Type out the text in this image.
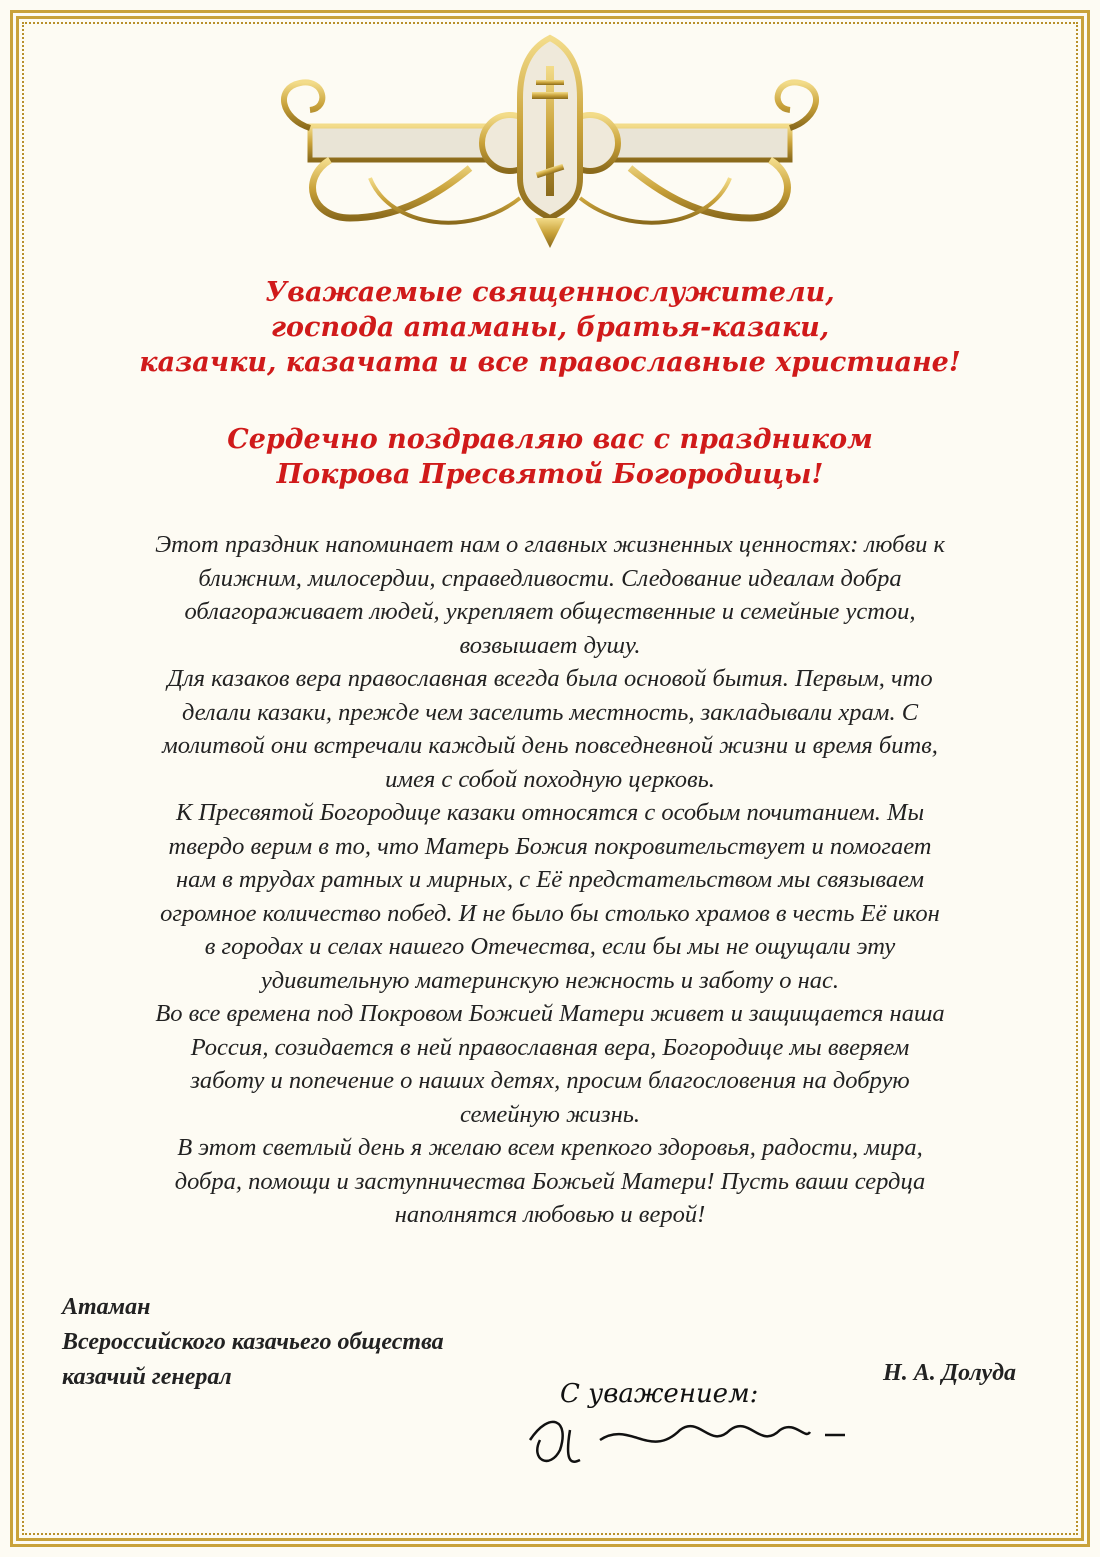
Уважаемые священнослужители,
господа атаманы, братья-казаки,
казачки, казачата и все православные христиане!
Сердечно поздравляю вас с праздником
Покрова Пресвятой Богородицы!
Этот праздник напоминает нам о главных жизненных ценностях: любви к
ближним, милосердии, справедливости. Следование идеалам добра
облагораживает людей, укрепляет общественные и семейные устои,
возвышает душу.
Для казаков вера православная всегда была основой бытия. Первым, что
делали казаки, прежде чем заселить местность, закладывали храм. С
молитвой они встречали каждый день повседневной жизни и время битв,
имея с собой походную церковь.
К Пресвятой Богородице казаки относятся с особым почитанием. Мы
твердо верим в то, что Матерь Божия покровительствует и помогает
нам в трудах ратных и мирных, с Её предстательством мы связываем
огромное количество побед. И не было бы столько храмов в честь Её икон
в городах и селах нашего Отечества, если бы мы не ощущали эту
удивительную материнскую нежность и заботу о нас.
Во все времена под Покровом Божией Матери живет и защищается наша
Россия, созидается в ней православная вера, Богородице мы вверяем
заботу и попечение о наших детях, просим благословения на добрую
семейную жизнь.
В этот светлый день я желаю всем крепкого здоровья, радости, мира,
добра, помощи и заступничества Божьей Матери! Пусть ваши сердца
наполнятся любовью и верой!
Атаман
Всероссийского казачьего общества
казачий генерал	Н. А. Долуда
С уважением:
